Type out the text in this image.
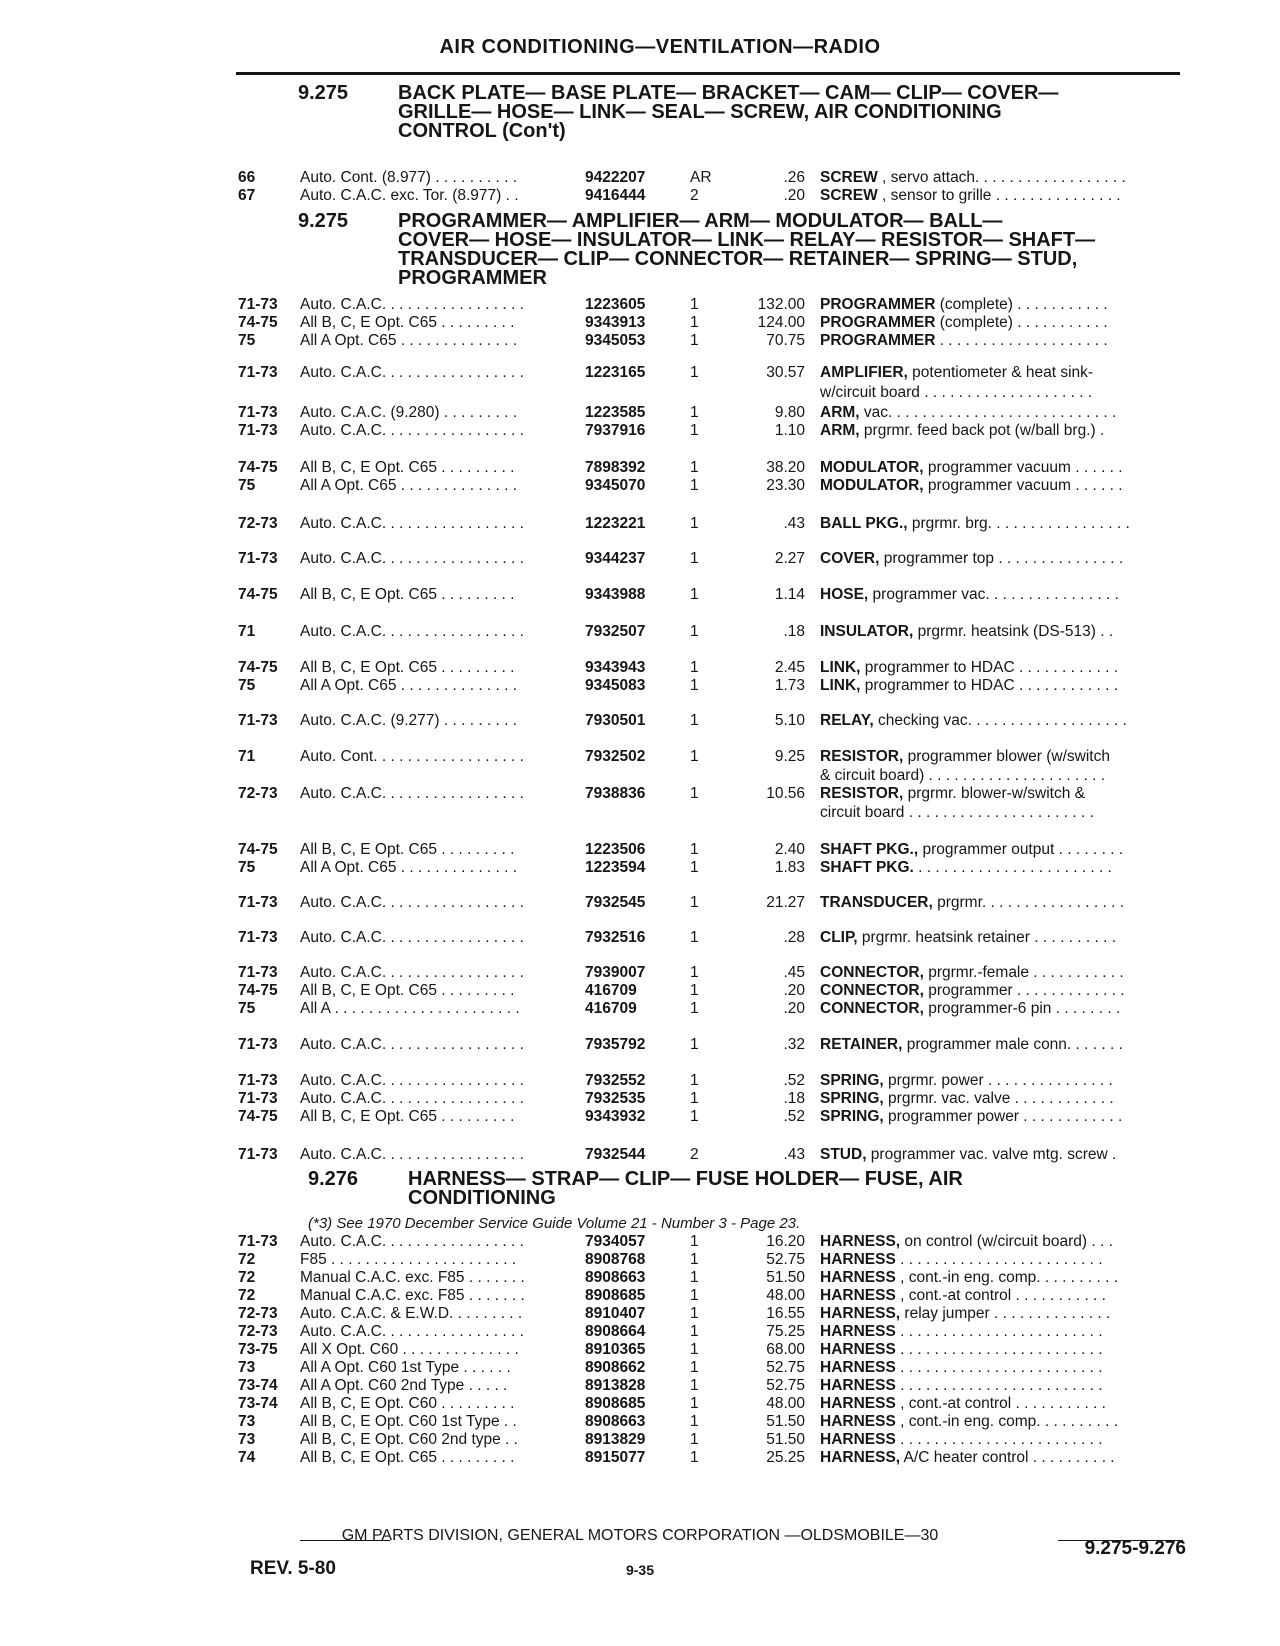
AIR CONDITIONING—VENTILATION—RADIO
9.275	BACK PLATE— BASE PLATE— BRACKET— CAM— CLIP— COVER—
GRILLE— HOSE— LINK— SEAL— SCREW, AIR CONDITIONING
CONTROL (Con't)
66	Auto. Cont. (8.977) . . . . . . . . . .	9422207	AR	.26 SCREW , servo attach. . . . . . . . . . . . . . . . . .
67	Auto. C.A.C. exc. Tor. (8.977) . .	9416444	2	.20 SCREW , sensor to grille . . . . . . . . . . . . . . .
9.275	PROGRAMMER— AMPLIFIER— ARM— MODULATOR— BALL—
COVER— HOSE— INSULATOR— LINK— RELAY— RESISTOR— SHAFT—
TRANSDUCER— CLIP— CONNECTOR— RETAINER— SPRING— STUD,
PROGRAMMER
71-73	Auto. C.A.C. . . . . . . . . . . . . . . . .	1223605	1	132.00 PROGRAMMER (complete) . . . . . . . . . . .
74-75	All B, C, E Opt. C65 . . . . . . . . .	9343913	1	124.00 PROGRAMMER (complete) . . . . . . . . . . .
75	All A Opt. C65 . . . . . . . . . . . . . .	9345053	1	70.75 PROGRAMMER . . . . . . . . . . . . . . . . . . . .
71-73	Auto. C.A.C. . . . . . . . . . . . . . . . .	1223165	1	30.57 AMPLIFIER, potentiometer & heat sink-
w/circuit board . . . . . . . . . . . . . . . . . . . .
71-73	Auto. C.A.C. (9.280) . . . . . . . . .	1223585	1	9.80 ARM, vac. . . . . . . . . . . . . . . . . . . . . . . . . . .
71-73	Auto. C.A.C. . . . . . . . . . . . . . . . .	7937916	1	1.10 ARM, prgrmr. feed back pot (w/ball brg.) .
74-75	All B, C, E Opt. C65 . . . . . . . . .	7898392	1	38.20 MODULATOR, programmer vacuum . . . . . .
75	All A Opt. C65 . . . . . . . . . . . . . .	9345070	1	23.30 MODULATOR, programmer vacuum . . . . . .
72-73	Auto. C.A.C. . . . . . . . . . . . . . . . .	1223221	1	.43 BALL PKG., prgrmr. brg. . . . . . . . . . . . . . . . .
71-73	Auto. C.A.C. . . . . . . . . . . . . . . . .	9344237	1	2.27 COVER, programmer top . . . . . . . . . . . . . . .
74-75	All B, C, E Opt. C65 . . . . . . . . .	9343988	1	1.14 HOSE, programmer vac. . . . . . . . . . . . . . . .
71	Auto. C.A.C. . . . . . . . . . . . . . . . .	7932507	1	.18 INSULATOR, prgrmr. heatsink (DS-513) . .
74-75	All B, C, E Opt. C65 . . . . . . . . .	9343943	1	2.45 LINK, programmer to HDAC . . . . . . . . . . . .
75	All A Opt. C65 . . . . . . . . . . . . . .	9345083	1	1.73 LINK, programmer to HDAC . . . . . . . . . . . .
71-73	Auto. C.A.C. (9.277) . . . . . . . . .	7930501	1	5.10 RELAY, checking vac. . . . . . . . . . . . . . . . . . .
71	Auto. Cont. . . . . . . . . . . . . . . . . .	7932502	1	9.25 RESISTOR, programmer blower (w/switch
& circuit board) . . . . . . . . . . . . . . . . . . . . .
72-73	Auto. C.A.C. . . . . . . . . . . . . . . . .	7938836	1	10.56 RESISTOR, prgrmr. blower-w/switch &
circuit board . . . . . . . . . . . . . . . . . . . . . .
74-75	All B, C, E Opt. C65 . . . . . . . . .	1223506	1	2.40 SHAFT PKG., programmer output . . . . . . . .
75	All A Opt. C65 . . . . . . . . . . . . . .	1223594	1	1.83 SHAFT PKG. . . . . . . . . . . . . . . . . . . . . . . .
71-73	Auto. C.A.C. . . . . . . . . . . . . . . . .	7932545	1	21.27 TRANSDUCER, prgrmr. . . . . . . . . . . . . . . . .
71-73	Auto. C.A.C. . . . . . . . . . . . . . . . .	7932516	1	.28 CLIP, prgrmr. heatsink retainer . . . . . . . . . .
71-73	Auto. C.A.C. . . . . . . . . . . . . . . . .	7939007	1	.45 CONNECTOR, prgrmr.-female . . . . . . . . . . .
74-75	All B, C, E Opt. C65 . . . . . . . . .	416709	1	.20 CONNECTOR, programmer . . . . . . . . . . . . .
75	All A . . . . . . . . . . . . . . . . . . . . . .	416709	1	.20 CONNECTOR, programmer-6 pin . . . . . . . .
71-73	Auto. C.A.C. . . . . . . . . . . . . . . . .	7935792	1	.32 RETAINER, programmer male conn. . . . . . .
71-73	Auto. C.A.C. . . . . . . . . . . . . . . . .	7932552	1	.52 SPRING, prgrmr. power . . . . . . . . . . . . . . .
71-73	Auto. C.A.C. . . . . . . . . . . . . . . . .	7932535	1	.18 SPRING, prgrmr. vac. valve . . . . . . . . . . . .
74-75	All B, C, E Opt. C65 . . . . . . . . .	9343932	1	.52 SPRING, programmer power . . . . . . . . . . . .
71-73	Auto. C.A.C. . . . . . . . . . . . . . . . .	7932544	2	.43 STUD, programmer vac. valve mtg. screw .
9.276	HARNESS— STRAP— CLIP— FUSE HOLDER— FUSE, AIR
CONDITIONING
(*3) See 1970 December Service Guide Volume 21 - Number 3 - Page 23.
71-73	Auto. C.A.C. . . . . . . . . . . . . . . . .	7934057	1	16.20 HARNESS, on control (w/circuit board) . . .
72	F85 . . . . . . . . . . . . . . . . . . . . . .	8908768	1	52.75 HARNESS . . . . . . . . . . . . . . . . . . . . . . . .
72	Manual C.A.C. exc. F85 . . . . . . .	8908663	1	51.50 HARNESS , cont.-in eng. comp. . . . . . . . . .
72	Manual C.A.C. exc. F85 . . . . . . .	8908685	1	48.00 HARNESS , cont.-at control . . . . . . . . . . .
72-73	Auto. C.A.C. & E.W.D. . . . . . . . .	8910407	1	16.55 HARNESS, relay jumper . . . . . . . . . . . . . .
72-73	Auto. C.A.C. . . . . . . . . . . . . . . . .	8908664	1	75.25 HARNESS . . . . . . . . . . . . . . . . . . . . . . . .
73-75	All X Opt. C60 . . . . . . . . . . . . . .	8910365	1	68.00 HARNESS . . . . . . . . . . . . . . . . . . . . . . . .
73	All A Opt. C60 1st Type . . . . . .	8908662	1	52.75 HARNESS . . . . . . . . . . . . . . . . . . . . . . . .
73-74	All A Opt. C60 2nd Type . . . . .	8913828	1	52.75 HARNESS . . . . . . . . . . . . . . . . . . . . . . . .
73-74	All B, C, E Opt. C60 . . . . . . . . .	8908685	1	48.00 HARNESS , cont.-at control . . . . . . . . . . .
73	All B, C, E Opt. C60 1st Type . .	8908663	1	51.50 HARNESS , cont.-in eng. comp. . . . . . . . . .
73	All B, C, E Opt. C60 2nd type . .	8913829	1	51.50 HARNESS . . . . . . . . . . . . . . . . . . . . . . . .
74	All B, C, E Opt. C65 . . . . . . . . .	8915077	1	25.25 HARNESS, A/C heater control . . . . . . . . . .
GM PARTS DIVISION, GENERAL MOTORS CORPORATION —OLDSMOBILE—30
REV. 5-80	9-35
9.275-9.276
